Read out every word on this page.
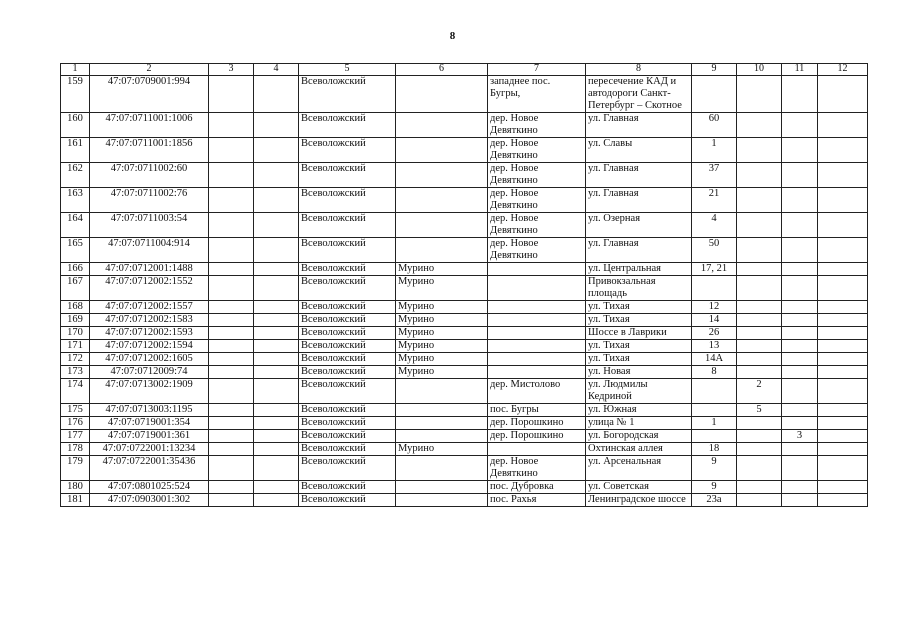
8
1	2	3	4	5	6	7	8	9	10	11	12
159	47:07:0709001:994			Всеволожский		западнее пос. Бугры,	пересечение КАД и автодороги Санкт-Петербург – Скотное				
160	47:07:0711001:1006			Всеволожский		дер. Новое Девяткино	ул. Главная	60			
161	47:07:0711001:1856			Всеволожский		дер. Новое Девяткино	ул. Славы	1			
162	47:07:0711002:60			Всеволожский		дер. Новое Девяткино	ул. Главная	37			
163	47:07:0711002:76			Всеволожский		дер. Новое Девяткино	ул. Главная	21			
164	47:07:0711003:54			Всеволожский		дер. Новое Девяткино	ул. Озерная	4			
165	47:07:0711004:914			Всеволожский		дер. Новое Девяткино	ул. Главная	50			
166	47:07:0712001:1488			Всеволожский	Мурино		ул. Центральная	17, 21			
167	47:07:0712002:1552			Всеволожский	Мурино		Привокзальная площадь				
168	47:07:0712002:1557			Всеволожский	Мурино		ул. Тихая	12			
169	47:07:0712002:1583			Всеволожский	Мурино		ул. Тихая	14			
170	47:07:0712002:1593			Всеволожский	Мурино		Шоссе в Лаврики	26			
171	47:07:0712002:1594			Всеволожский	Мурино		ул. Тихая	13			
172	47:07:0712002:1605			Всеволожский	Мурино		ул. Тихая	14А			
173	47:07:0712009:74			Всеволожский	Мурино		ул. Новая	8			
174	47:07:0713002:1909			Всеволожский		дер. Мистолово	ул. Людмилы Кедриной		2		
175	47:07:0713003:1195			Всеволожский		пос. Бугры	ул. Южная		5		
176	47:07:0719001:354			Всеволожский		дер. Порошкино	улица № 1	1			
177	47:07:0719001:361			Всеволожский		дер. Порошкино	ул. Богородская			3	
178	47:07:0722001:13234			Всеволожский	Мурино		Охтинская аллея	18			
179	47:07:0722001:35436			Всеволожский		дер. Новое Девяткино	ул. Арсенальная	9			
180	47:07:0801025:524			Всеволожский		пос. Дубровка	ул. Советская	9			
181	47:07:0903001:302			Всеволожский		пос. Рахья	Ленинградское шоссе	23а			
